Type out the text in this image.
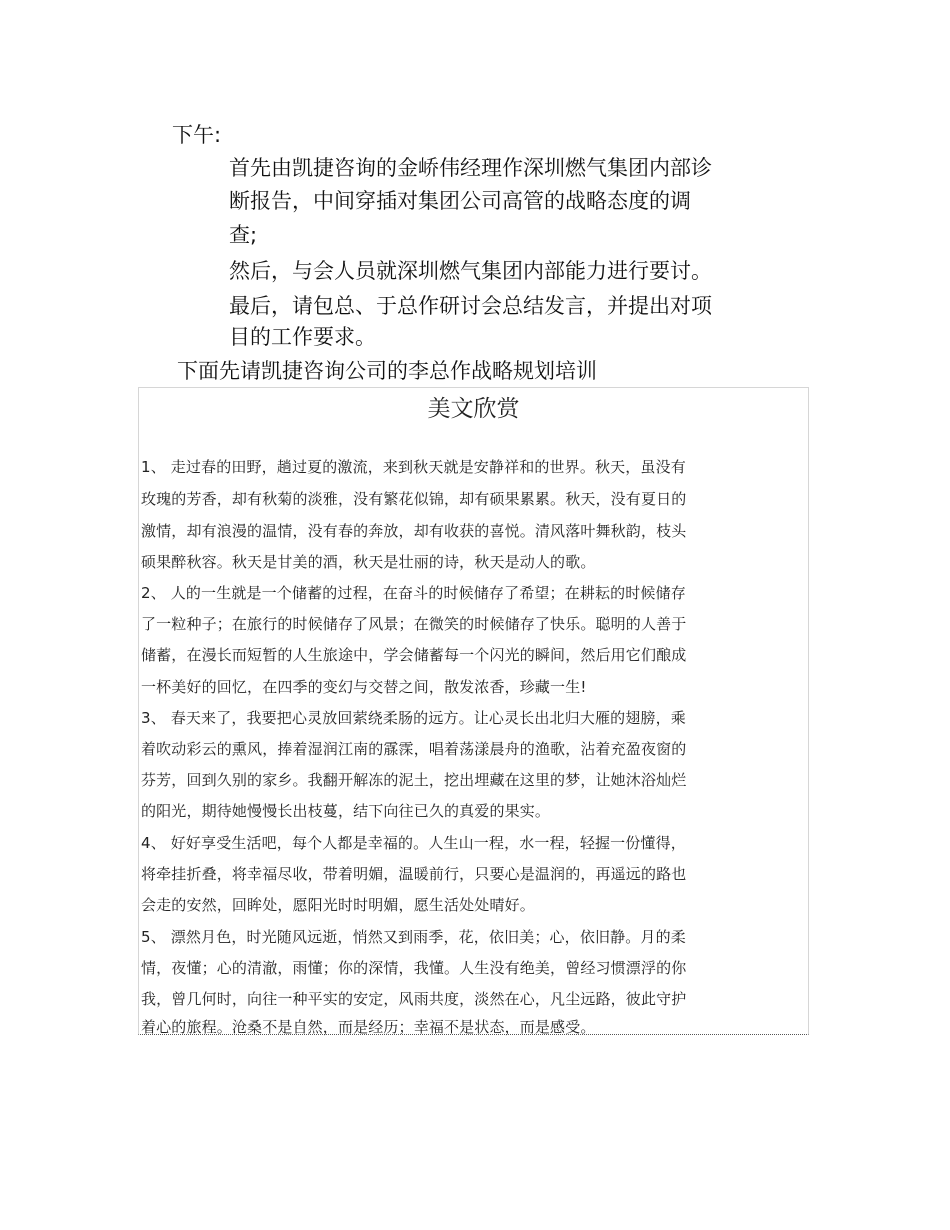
下午:
首先由凯捷咨询的金峤伟经理作深圳燃气集团内部诊
断报告，中间穿插对集团公司高管的战略态度的调
查;
然后，与会人员就深圳燃气集团内部能力进行要讨。
最后，请包总、于总作研讨会总结发言，并提出对项
目的工作要求。
下面先请凯捷咨询公司的李总作战略规划培训
美文欣赏
1、 走过春的田野，趟过夏的激流，来到秋天就是安静祥和的世界。秋天，虽没有
玫瑰的芳香，却有秋菊的淡雅，没有繁花似锦，却有硕果累累。秋天，没有夏日的
激情，却有浪漫的温情，没有春的奔放，却有收获的喜悦。清风落叶舞秋韵，枝头
硕果醉秋容。秋天是甘美的酒，秋天是壮丽的诗，秋天是动人的歌。
2、 人的一生就是一个储蓄的过程，在奋斗的时候储存了希望；在耕耘的时候储存
了一粒种子；在旅行的时候储存了风景；在微笑的时候储存了快乐。聪明的人善于
储蓄，在漫长而短暂的人生旅途中，学会储蓄每一个闪光的瞬间，然后用它们酿成
一杯美好的回忆，在四季的变幻与交替之间，散发浓香，珍藏一生!
3、 春天来了，我要把心灵放回萦绕柔肠的远方。让心灵长出北归大雁的翅膀，乘
着吹动彩云的熏风，捧着湿润江南的霡霂，唱着荡漾晨舟的渔歌，沾着充盈夜窗的
芬芳，回到久别的家乡。我翻开解冻的泥土，挖出埋藏在这里的梦，让她沐浴灿烂
的阳光，期待她慢慢长出枝蔓，结下向往已久的真爱的果实。
4、 好好享受生活吧，每个人都是幸福的。人生山一程，水一程，轻握一份懂得，
将牵挂折叠，将幸福尽收，带着明媚，温暖前行，只要心是温润的，再遥远的路也
会走的安然，回眸处，愿阳光时时明媚，愿生活处处晴好。
5、 漂然月色，时光随风远逝，悄然又到雨季，花，依旧美；心，依旧静。月的柔
情，夜懂；心的清澈，雨懂；你的深情，我懂。人生没有绝美，曾经习惯漂浮的你
我，曾几何时，向往一种平实的安定，风雨共度，淡然在心，凡尘远路，彼此守护
着心的旅程。沧桑不是自然，而是经历；幸福不是状态，而是感受。
